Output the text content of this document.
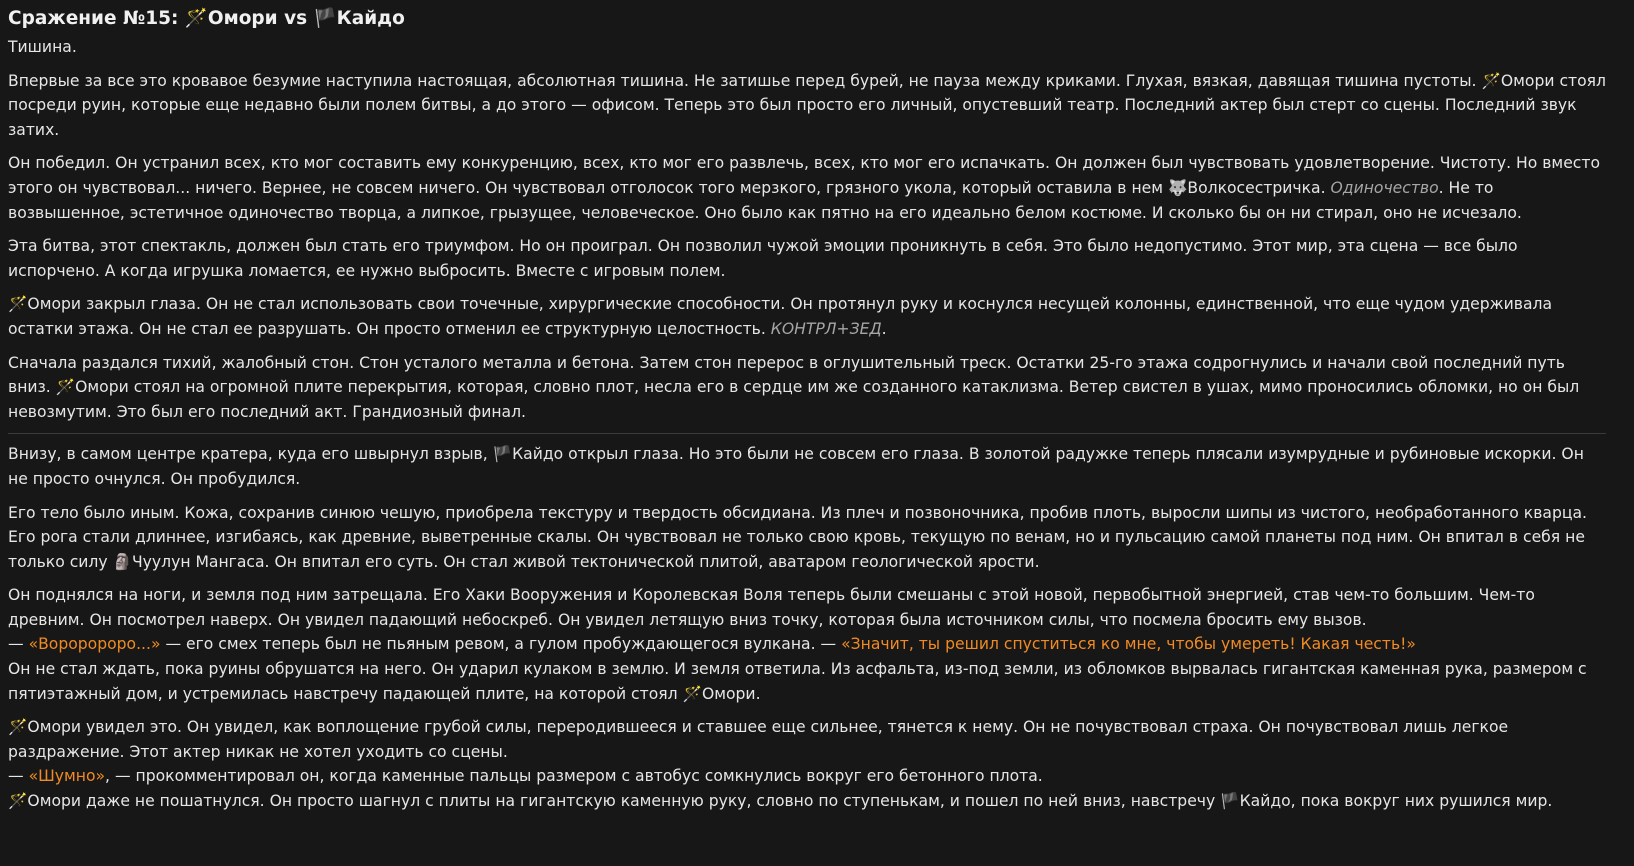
Сражение №15: 🪄Омори vs 🏴Кайдо

Тишина.

Впервые за все это кровавое безумие наступила настоящая, абсолютная тишина. Не затишье перед бурей, не пауза между криками. Глухая, вязкая, давящая тишина пустоты. 🪄Омори стоял посреди руин, которые еще недавно были полем битвы, а до этого — офисом. Теперь это был просто его личный, опустевший театр. Последний актер был стерт со сцены. Последний звук затих.

Он победил. Он устранил всех, кто мог составить ему конкуренцию, всех, кто мог его развлечь, всех, кто мог его испачкать. Он должен был чувствовать удовлетворение. Чистоту. Но вместо этого он чувствовал... ничего. Вернее, не совсем ничего. Он чувствовал отголосок того мерзкого, грязного укола, который оставила в нем 🐺Волкосестричка. Одиночество. Не то возвышенное, эстетичное одиночество творца, а липкое, грызущее, человеческое. Оно было как пятно на его идеально белом костюме. И сколько бы он ни стирал, оно не исчезало.

Эта битва, этот спектакль, должен был стать его триумфом. Но он проиграл. Он позволил чужой эмоции проникнуть в себя. Это было недопустимо. Этот мир, эта сцена — все было испорчено. А когда игрушка ломается, ее нужно выбросить. Вместе с игровым полем.

🪄Омори закрыл глаза. Он не стал использовать свои точечные, хирургические способности. Он протянул руку и коснулся несущей колонны, единственной, что еще чудом удерживала остатки этажа. Он не стал ее разрушать. Он просто отменил ее структурную целостность. КОНТРЛ+ЗЕД.

Сначала раздался тихий, жалобный стон. Стон усталого металла и бетона. Затем стон перерос в оглушительный треск. Остатки 25-го этажа содрогнулись и начали свой последний путь вниз. 🪄Омори стоял на огромной плите перекрытия, которая, словно плот, несла его в сердце им же созданного катаклизма. Ветер свистел в ушах, мимо проносились обломки, но он был невозмутим. Это был его последний акт. Грандиозный финал.

Внизу, в самом центре кратера, куда его швырнул взрыв, 🏴Кайдо открыл глаза. Но это были не совсем его глаза. В золотой радужке теперь плясали изумрудные и рубиновые искорки. Он не просто очнулся. Он пробудился.

Его тело было иным. Кожа, сохранив синюю чешую, приобрела текстуру и твердость обсидиана. Из плеч и позвоночника, пробив плоть, выросли шипы из чистого, необработанного кварца. Его рога стали длиннее, изгибаясь, как древние, выветренные скалы. Он чувствовал не только свою кровь, текущую по венам, но и пульсацию самой планеты под ним. Он впитал в себя не только силу 🗿Чуулун Мангаса. Он впитал его суть. Он стал живой тектонической плитой, аватаром геологической ярости.

Он поднялся на ноги, и земля под ним затрещала. Его Хаки Вооружения и Королевская Воля теперь были смешаны с этой новой, первобытной энергией, став чем-то большим. Чем-то древним. Он посмотрел наверх. Он увидел падающий небоскреб. Он увидел летящую вниз точку, которая была источником силы, что посмела бросить ему вызов.
— «Вороророро...» — его смех теперь был не пьяным ревом, а гулом пробуждающегося вулкана. — «Значит, ты решил спуститься ко мне, чтобы умереть! Какая честь!»
Он не стал ждать, пока руины обрушатся на него. Он ударил кулаком в землю. И земля ответила. Из асфальта, из-под земли, из обломков вырвалась гигантская каменная рука, размером с пятиэтажный дом, и устремилась навстречу падающей плите, на которой стоял 🪄Омори.

🪄Омори увидел это. Он увидел, как воплощение грубой силы, переродившееся и ставшее еще сильнее, тянется к нему. Он не почувствовал страха. Он почувствовал лишь легкое раздражение. Этот актер никак не хотел уходить со сцены.
— «Шумно», — прокомментировал он, когда каменные пальцы размером с автобус сомкнулись вокруг его бетонного плота.
🪄Омори даже не пошатнулся. Он просто шагнул с плиты на гигантскую каменную руку, словно по ступенькам, и пошел по ней вниз, навстречу 🏴Кайдо, пока вокруг них рушился мир.
